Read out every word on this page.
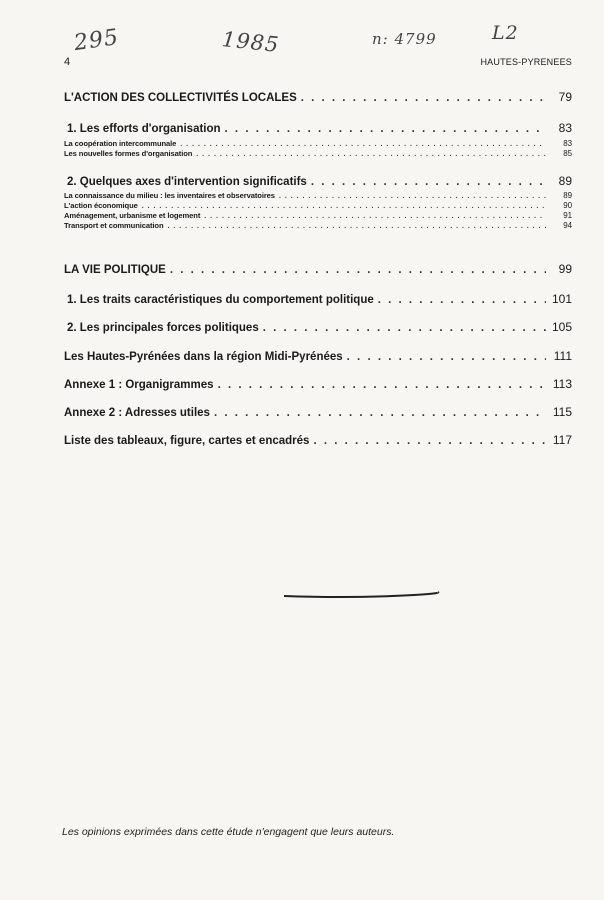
295	1985	n: 4799	L2
4	HAUTES-PYRENEES
L'ACTION DES COLLECTIVITÉS LOCALES . . .	79
1. Les efforts d'organisation . . .	83
La coopération intercommunale . . .	83
Les nouvelles formes d'organisation . . .	85
2. Quelques axes d'intervention significatifs . . .	89
La connaissance du milieu : les inventaires et observatoires . . .	89
L'action économique . . .	90
Aménagement, urbanisme et logement . . .	91
Transport et communication . . .	94
LA VIE POLITIQUE . . .	99
1. Les traits caractéristiques du comportement politique . . .	101
2. Les principales forces politiques . . .	105
Les Hautes-Pyrénées dans la région Midi-Pyrénées . . .	111
Annexe 1 : Organigrammes . . .	113
Annexe 2 : Adresses utiles . . .	115
Liste des tableaux, figure, cartes et encadrés . . .	117
Les opinions exprimées dans cette étude n'engagent que leurs auteurs.
